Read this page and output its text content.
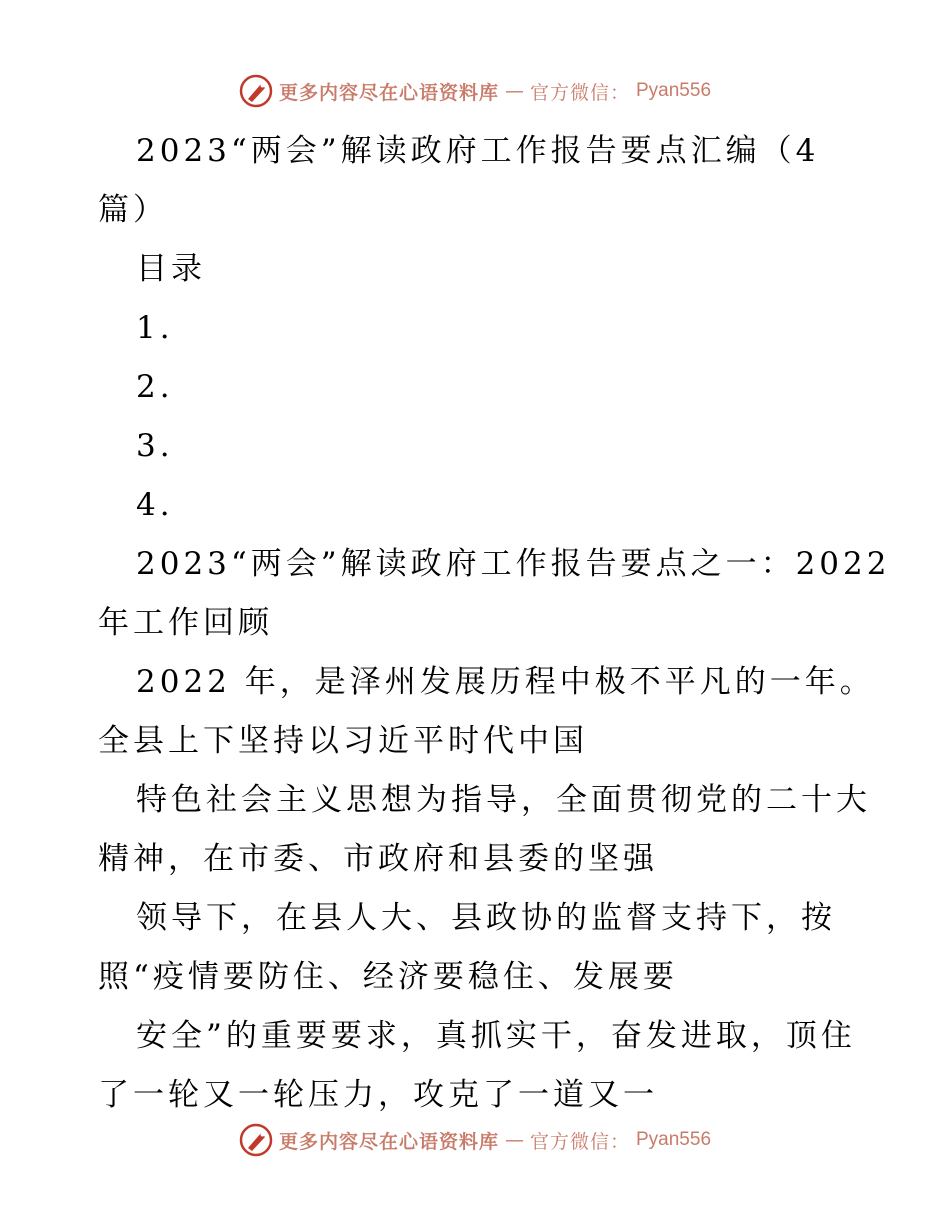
更多内容尽在心语资料库 — 官方微信： Pyan556

2023“两会”解读政府工作报告要点汇编（4
篇）

目录

1.

2.

3.

4.

2023“两会”解读政府工作报告要点之一：2022
年工作回顾

2022 年，是泽州发展历程中极不平凡的一年。
全县上下坚持以习近平时代中国

特色社会主义思想为指导，全面贯彻党的二十大
精神，在市委、市政府和县委的坚强

领导下，在县人大、县政协的监督支持下，按
照“疫情要防住、经济要稳住、发展要

安全”的重要要求，真抓实干，奋发进取，顶住
了一轮又一轮压力，攻克了一道又一

更多内容尽在心语资料库 — 官方微信： Pyan556
